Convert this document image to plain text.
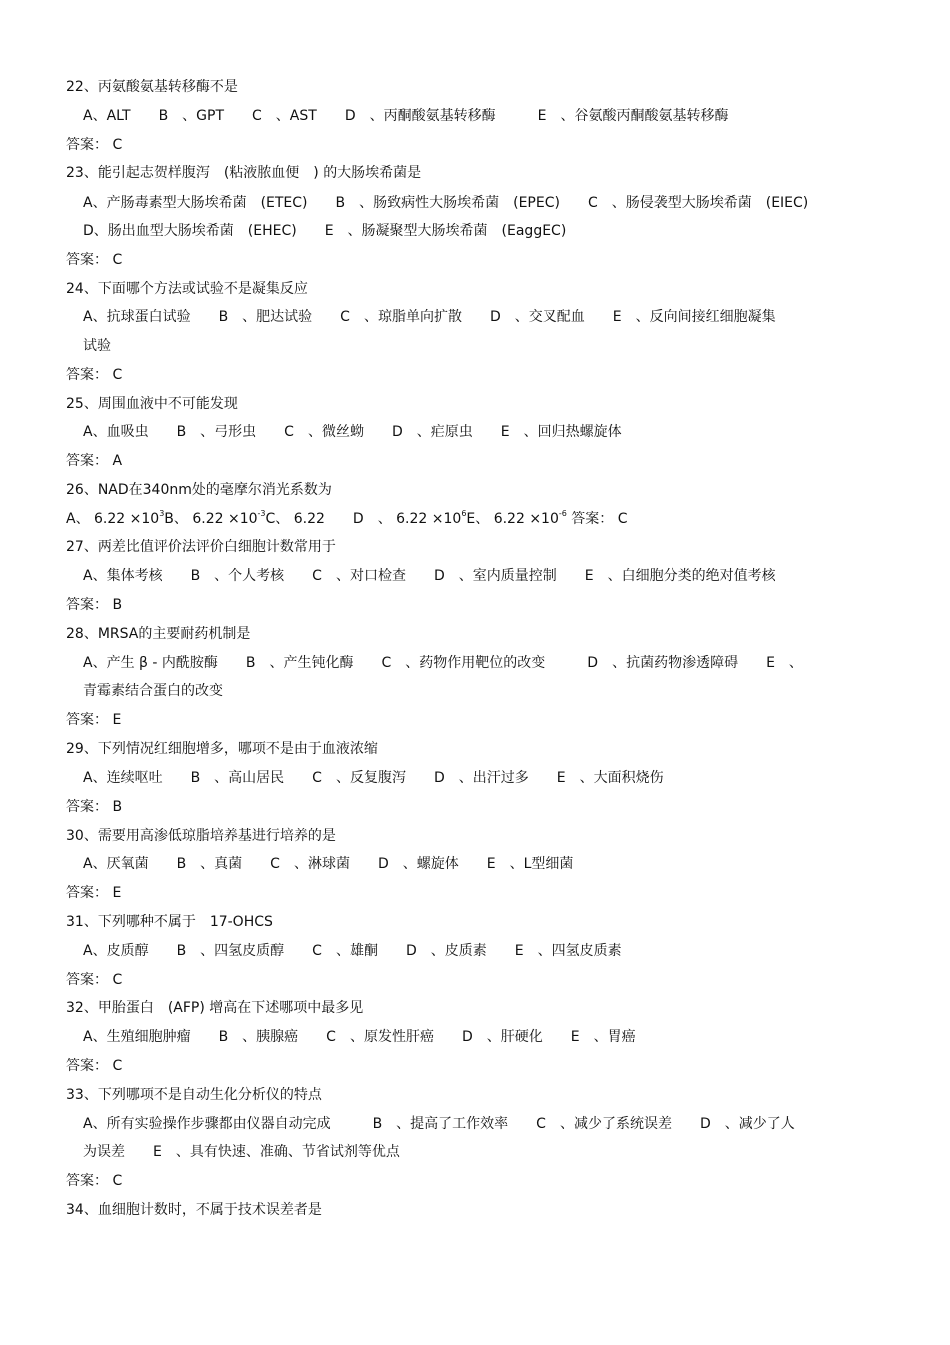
22、丙氨酸氨基转移酶不是
A、ALT　　B　、GPT　　C　、AST　　D　、丙酮酸氨基转移酶　　　E　、谷氨酸丙酮酸氨基转移酶
答案： C
23、能引起志贺样腹泻　(粘液脓血便　) 的大肠埃希菌是
A、产肠毒素型大肠埃希菌　(ETEC)　　B　、肠致病性大肠埃希菌　(EPEC)　　C　、肠侵袭型大肠埃希菌　(EIEC)
D、肠出血型大肠埃希菌　(EHEC)　　E　、肠凝聚型大肠埃希菌　(EaggEC)
答案： C
24、下面哪个方法或试验不是凝集反应
A、抗球蛋白试验　　B　、肥达试验　　C　、琼脂单向扩散　　D　、交叉配血　　E　、反向间接红细胞凝集
试验
答案： C
25、周围血液中不可能发现
A、血吸虫　　B　、弓形虫　　C　、微丝蚴　　D　、疟原虫　　E　、回归热螺旋体
答案： A
26、NAD在340nm处的毫摩尔消光系数为
A、 $6.22 \times 10^3B$、 $6.22 \times 10^{-3}C$、 6.22　　D　、 $6.22 \times 10^6E$、 $6.22 \times 10^{-6}$ 答案： C
27、两差比值评价法评价白细胞计数常用于
A、集体考核　　B　、个人考核　　C　、对口检查　　D　、室内质量控制　　E　、白细胞分类的绝对值考核
答案： B
28、MRSA的主要耐药机制是
A、产生 β - 内酰胺酶　　B　、产生钝化酶　　C　、药物作用靶位的改变　　　D　、抗菌药物渗透障碍　　E　、
青霉素结合蛋白的改变
答案： E
29、下列情况红细胞增多，哪项不是由于血液浓缩
A、连续呕吐　　B　、高山居民　　C　、反复腹泻　　D　、出汗过多　　E　、大面积烧伤
答案： B
30、需要用高渗低琼脂培养基进行培养的是
A、厌氧菌　　B　、真菌　　C　、淋球菌　　D　、螺旋体　　E　、L型细菌
答案： E
31、下列哪种不属于　17-OHCS
A、皮质醇　　B　、四氢皮质醇　　C　、雄酮　　D　、皮质素　　E　、四氢皮质素
答案： C
32、甲胎蛋白　(AFP) 增高在下述哪项中最多见
A、生殖细胞肿瘤　　B　、胰腺癌　　C　、原发性肝癌　　D　、肝硬化　　E　、胃癌
答案： C
33、下列哪项不是自动生化分析仪的特点
A、所有实验操作步骤都由仪器自动完成　　　B　、提高了工作效率　　C　、减少了系统误差　　D　、减少了人
为误差　　E　、具有快速、准确、节省试剂等优点
答案： C
34、血细胞计数时，不属于技术误差者是
